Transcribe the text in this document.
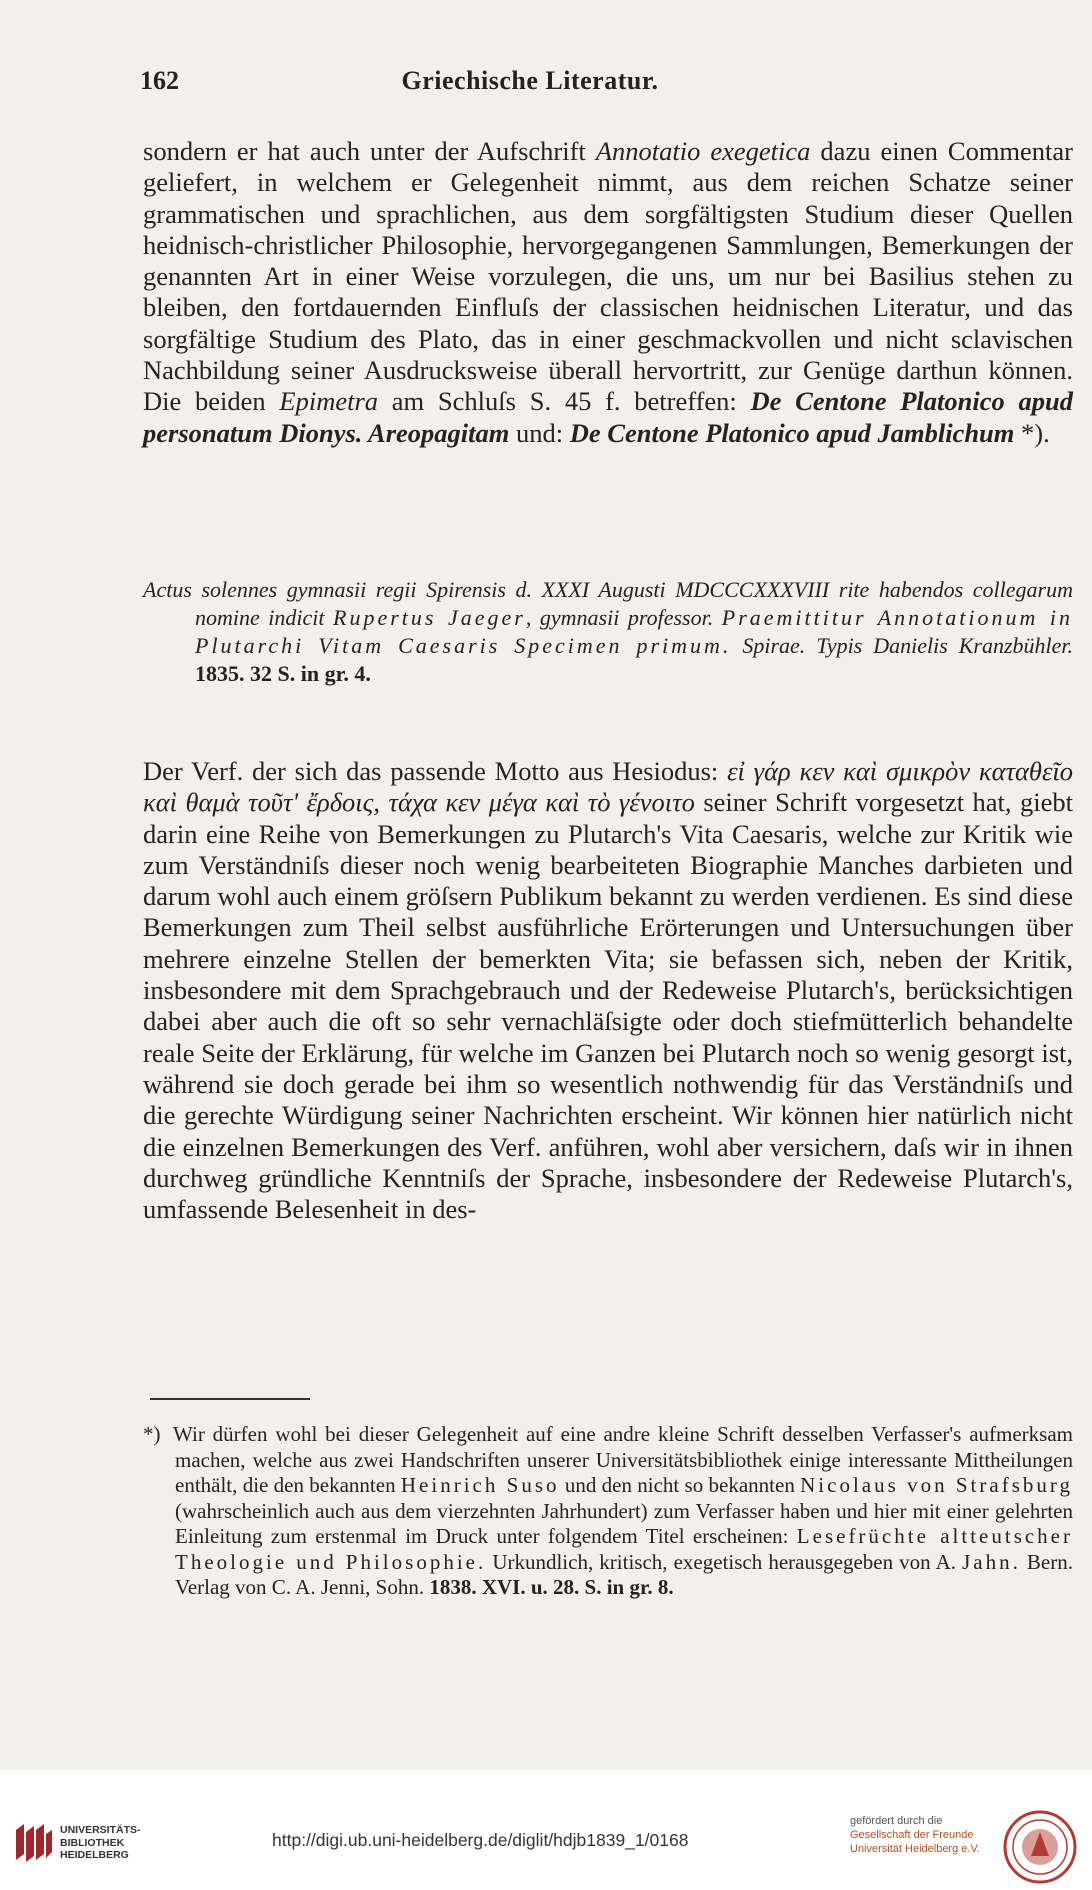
162	Griechische Literatur.

sondern er hat auch unter der Aufschrift Annotatio exegetica dazu einen Commentar geliefert, in welchem er Gelegenheit nimmt, aus dem reichen Schatze seiner grammatischen und sprachlichen, aus dem sorgfältigsten Studium dieser Quellen heidnisch-christlicher Philosophie, hervorgegangenen Sammlungen, Bemerkungen der genannten Art in einer Weise vorzulegen, die uns, um nur bei Basilius stehen zu bleiben, den fortdauernden Einfluſs der classischen heidnischen Literatur, und das sorgfältige Studium des Plato, das in einer geschmackvollen und nicht sclavischen Nachbildung seiner Ausdrucksweise überall hervortritt, zur Genüge darthun können. Die beiden Epimetra am Schluſs S. 45 f. betreffen: De Centone Platonico apud personatum Dionys. Areopagitam und: De Centone Platonico apud Jamblichum *).

Actus solennes gymnasii regii Spirensis d. XXXI Augusti MDCCCXXXVIII rite habendos collegarum nomine indicit Rupertus Jaeger, gymnasii professor. Praemittitur Annotationum in Plutarchi Vitam Caesaris Specimen primum. Spirae. Typis Danielis Kranzbühler. 1835. 32 S. in gr. 4.

Der Verf. der sich das passende Motto aus Hesiodus: εἰ γάρ κεν καὶ σμικρὸν καταθεῖο καὶ θαμὰ τοῦτ' ἔρδοις, τάχα κεν μέγα καὶ τὸ γένοιτο seiner Schrift vorgesetzt hat, giebt darin eine Reihe von Bemerkungen zu Plutarch's Vita Caesaris, welche zur Kritik wie zum Verständniſs dieser noch wenig bearbeiteten Biographie Manches darbieten und darum wohl auch einem gröſsern Publikum bekannt zu werden verdienen. Es sind diese Bemerkungen zum Theil selbst ausführliche Erörterungen und Untersuchungen über mehrere einzelne Stellen der bemerkten Vita; sie befassen sich, neben der Kritik, insbesondere mit dem Sprachgebrauch und der Redeweise Plutarch's, berücksichtigen dabei aber auch die oft so sehr vernachläſsigte oder doch stiefmütterlich behandelte reale Seite der Erklärung, für welche im Ganzen bei Plutarch noch so wenig gesorgt ist, während sie doch gerade bei ihm so wesentlich nothwendig für das Verständniſs und die gerechte Würdigung seiner Nachrichten erscheint. Wir können hier natürlich nicht die einzelnen Bemerkungen des Verf. anführen, wohl aber versichern, daſs wir in ihnen durchweg gründliche Kenntniſs der Sprache, insbesondere der Redeweise Plutarch's, umfassende Belesenheit in des-

*) Wir dürfen wohl bei dieser Gelegenheit auf eine andre kleine Schrift desselben Verfasser's aufmerksam machen, welche aus zwei Handschriften unserer Universitätsbibliothek einige interessante Mittheilungen enthält, die den bekannten Heinrich Suso und den nicht so bekannten Nicolaus von Strafsburg (wahrscheinlich auch aus dem vierzehnten Jahrhundert) zum Verfasser haben und hier mit einer gelehrten Einleitung zum erstenmal im Druck unter folgendem Titel erscheinen: Lesefrüchte altteutscher Theologie und Philosophie. Urkundlich, kritisch, exegetisch herausgegeben von A. Jahn. Bern. Verlag von C. A. Jenni, Sohn. 1838. XVI. u. 28. S. in gr. 8.

UNIVERSITÄTS-
BIBLIOTHEK
HEIDELBERG
http://digi.ub.uni-heidelberg.de/diglit/hdjb1839_1/0168
gefördert durch die
Gesellschaft der Freunde
Universität Heidelberg e.V.
